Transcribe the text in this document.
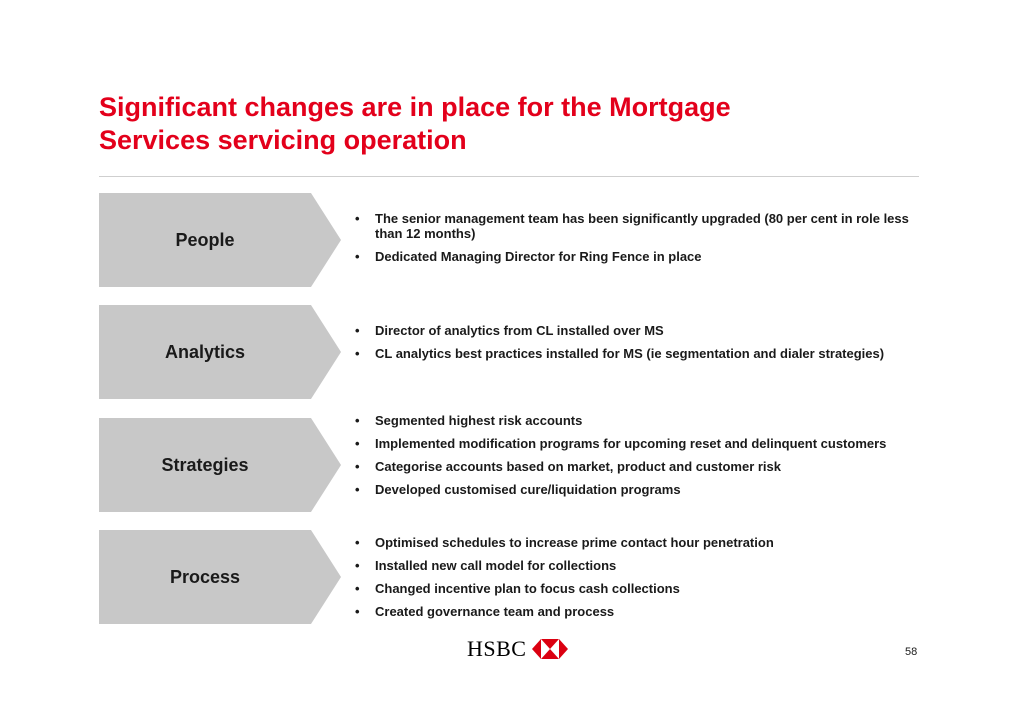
Significant changes are in place for the Mortgage
Services servicing operation
People
• The senior management team has been significantly upgraded (80 per cent in role less than 12 months)
• Dedicated Managing Director for Ring Fence in place
Analytics
• Director of analytics from CL installed over MS
• CL analytics best practices installed for MS (ie segmentation and dialer strategies)
Strategies
• Segmented highest risk accounts
• Implemented modification programs for upcoming reset and delinquent customers
• Categorise accounts based on market, product and customer risk
• Developed customised cure/liquidation programs
Process
• Optimised schedules to increase prime contact hour penetration
• Installed new call model for collections
• Changed incentive plan to focus cash collections
• Created governance team and process
HSBC	58
